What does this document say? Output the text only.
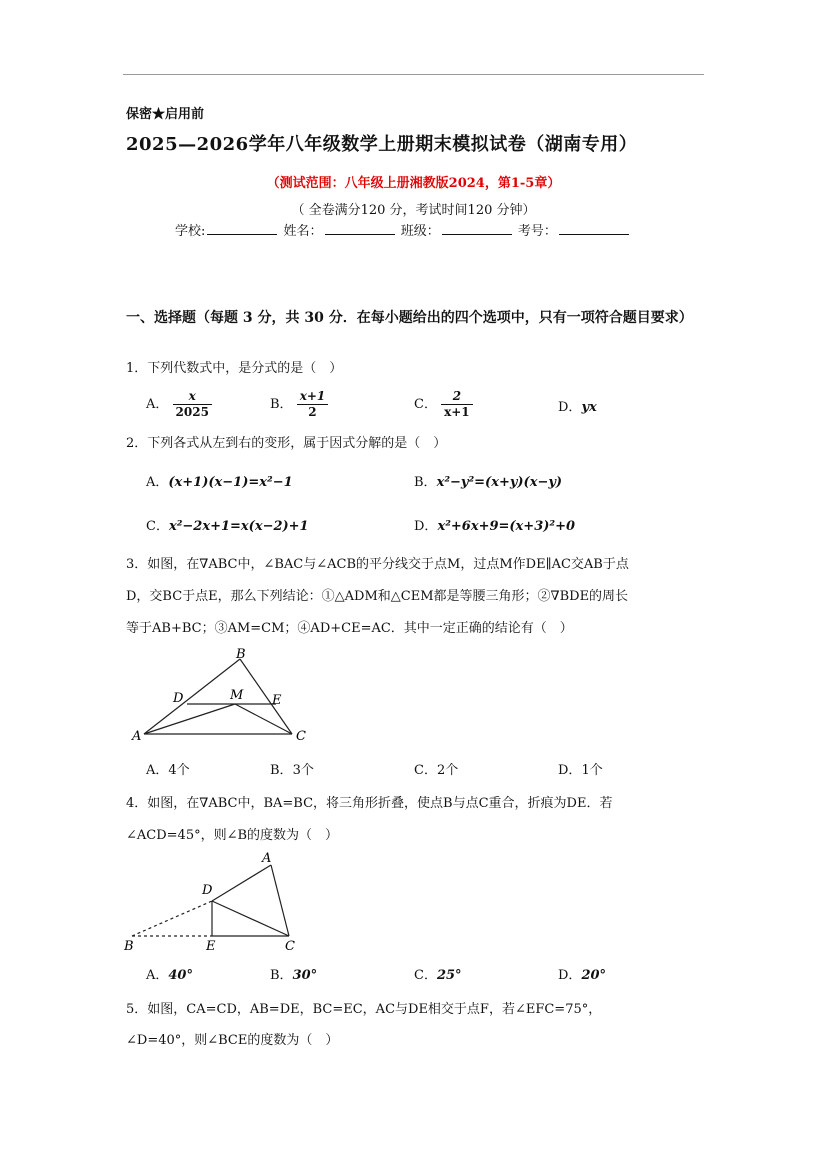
保密★启用前
2025—2026学年八年级数学上册期末模拟试卷（湖南专用）
（测试范围：八年级上册湘教版2024，第1-5章）
（ 全卷满分120 分，考试时间120 分钟）
学校:	姓名：	班级：	考号：
一、选择题（每题 3 分，共 30 分．在每小题给出的四个选项中，只有一项符合题目要求）
1．下列代数式中，是分式的是（　）
A． $\frac{x}{2025}$	B． $\frac{x+1}{2}$	C． $\frac{2}{x+1}$	D．yx
2．下列各式从左到右的变形，属于因式分解的是（　）
A．(x+1)(x−1)=x²−1	B．x²−y²=(x+y)(x−y)
C．x²−2x+1=x(x−2)+1	D．x²+6x+9=(x+3)²+0
3．如图，在∇ABC中，∠BAC与∠ACB的平分线交于点M，过点M作DE∥AC交AB于点
D，交BC于点E，那么下列结论：①△ADM和△CEM都是等腰三角形；②∇BDE的周长
等于AB+BC；③AM=CM；④AD+CE=AC．其中一定正确的结论有（　）
B
D	M E
A	C
A．4个	B．3个	C．2个	D．1个
4．如图，在∇ABC中，BA=BC，将三角形折叠，使点B与点C重合，折痕为DE．若
∠ACD=45°，则∠B的度数为（　）
A
D
B	E	C
A．40°	B．30°	C．25°	D．20°
5．如图，CA=CD，AB=DE，BC=EC，AC与DE相交于点F，若∠EFC=75°，
∠D=40°，则∠BCE的度数为（　）
